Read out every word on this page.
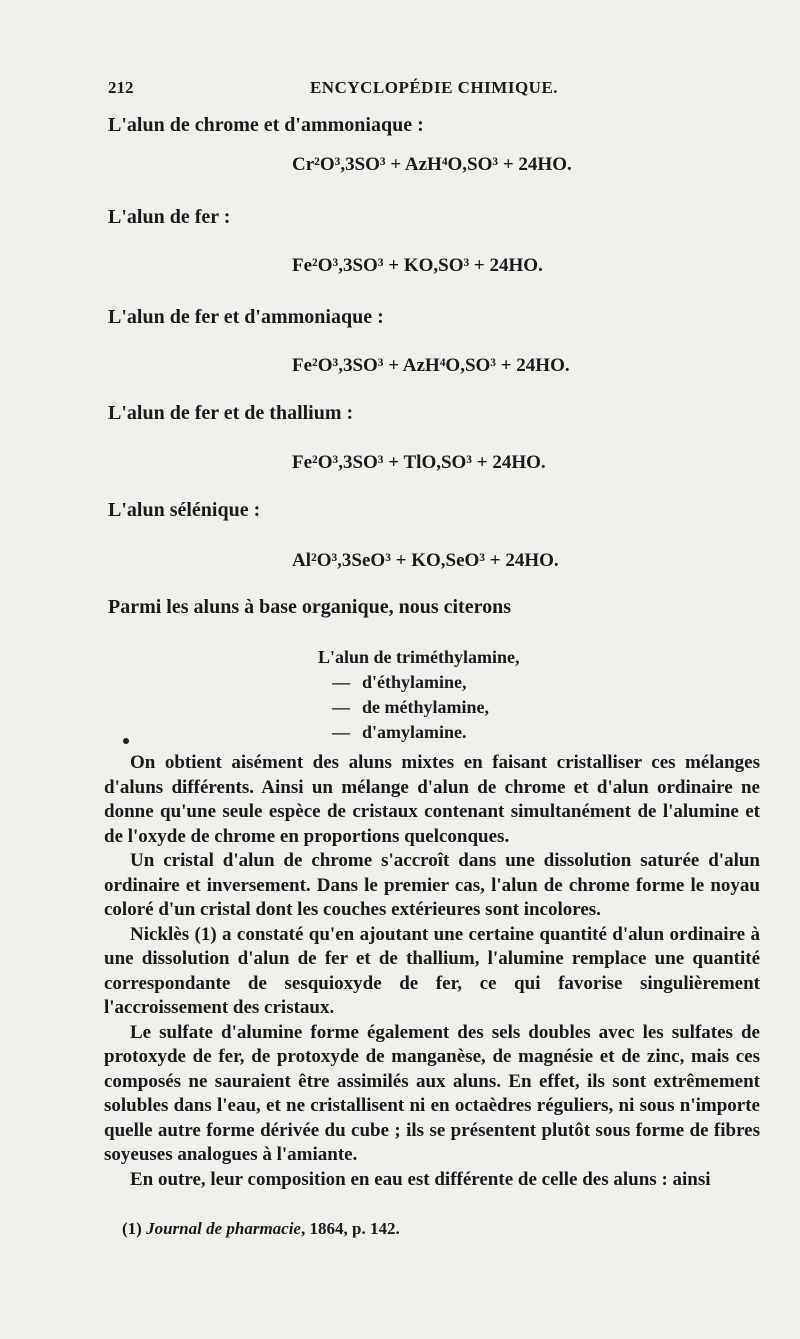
212	ENCYCLOPÉDIE CHIMIQUE.
L'alun de chrome et d'ammoniaque :
Cr²O³,3SO³ + AzH⁴O,SO³ + 24HO.
L'alun de fer :
Fe²O³,3SO³ + KO,SO³ + 24HO.
L'alun de fer et d'ammoniaque :
Fe²O³,3SO³ + AzH⁴O,SO³ + 24HO.
L'alun de fer et de thallium :
Fe²O³,3SO³ + TlO,SO³ + 24HO.
L'alun sélénique :
Al²O³,3SeO³ + KO,SeO³ + 24HO.
Parmi les aluns à base organique, nous citerons
L'alun de triméthylamine,
— d'éthylamine,
— de méthylamine,
— d'amylamine.

On obtient aisément des aluns mixtes en faisant cristalliser ces mélanges d'aluns différents. Ainsi un mélange d'alun de chrome et d'alun ordinaire ne donne qu'une seule espèce de cristaux contenant simultanément de l'alumine et de l'oxyde de chrome en proportions quelconques.

Un cristal d'alun de chrome s'accroît dans une dissolution saturée d'alun ordinaire et inversement. Dans le premier cas, l'alun de chrome forme le noyau coloré d'un cristal dont les couches extérieures sont incolores.

Nicklès (1) a constaté qu'en ajoutant une certaine quantité d'alun ordinaire à une dissolution d'alun de fer et de thallium, l'alumine remplace une quantité correspondante de sesquioxyde de fer, ce qui favorise singulièrement l'accroissement des cristaux.

Le sulfate d'alumine forme également des sels doubles avec les sulfates de protoxyde de fer, de protoxyde de manganèse, de magnésie et de zinc, mais ces composés ne sauraient être assimilés aux aluns. En effet, ils sont extrêmement solubles dans l'eau, et ne cristallisent ni en octaèdres réguliers, ni sous n'importe quelle autre forme dérivée du cube ; ils se présentent plutôt sous forme de fibres soyeuses analogues à l'amiante.

En outre, leur composition en eau est différente de celle des aluns : ainsi

(1) Journal de pharmacie, 1864, p. 142.
